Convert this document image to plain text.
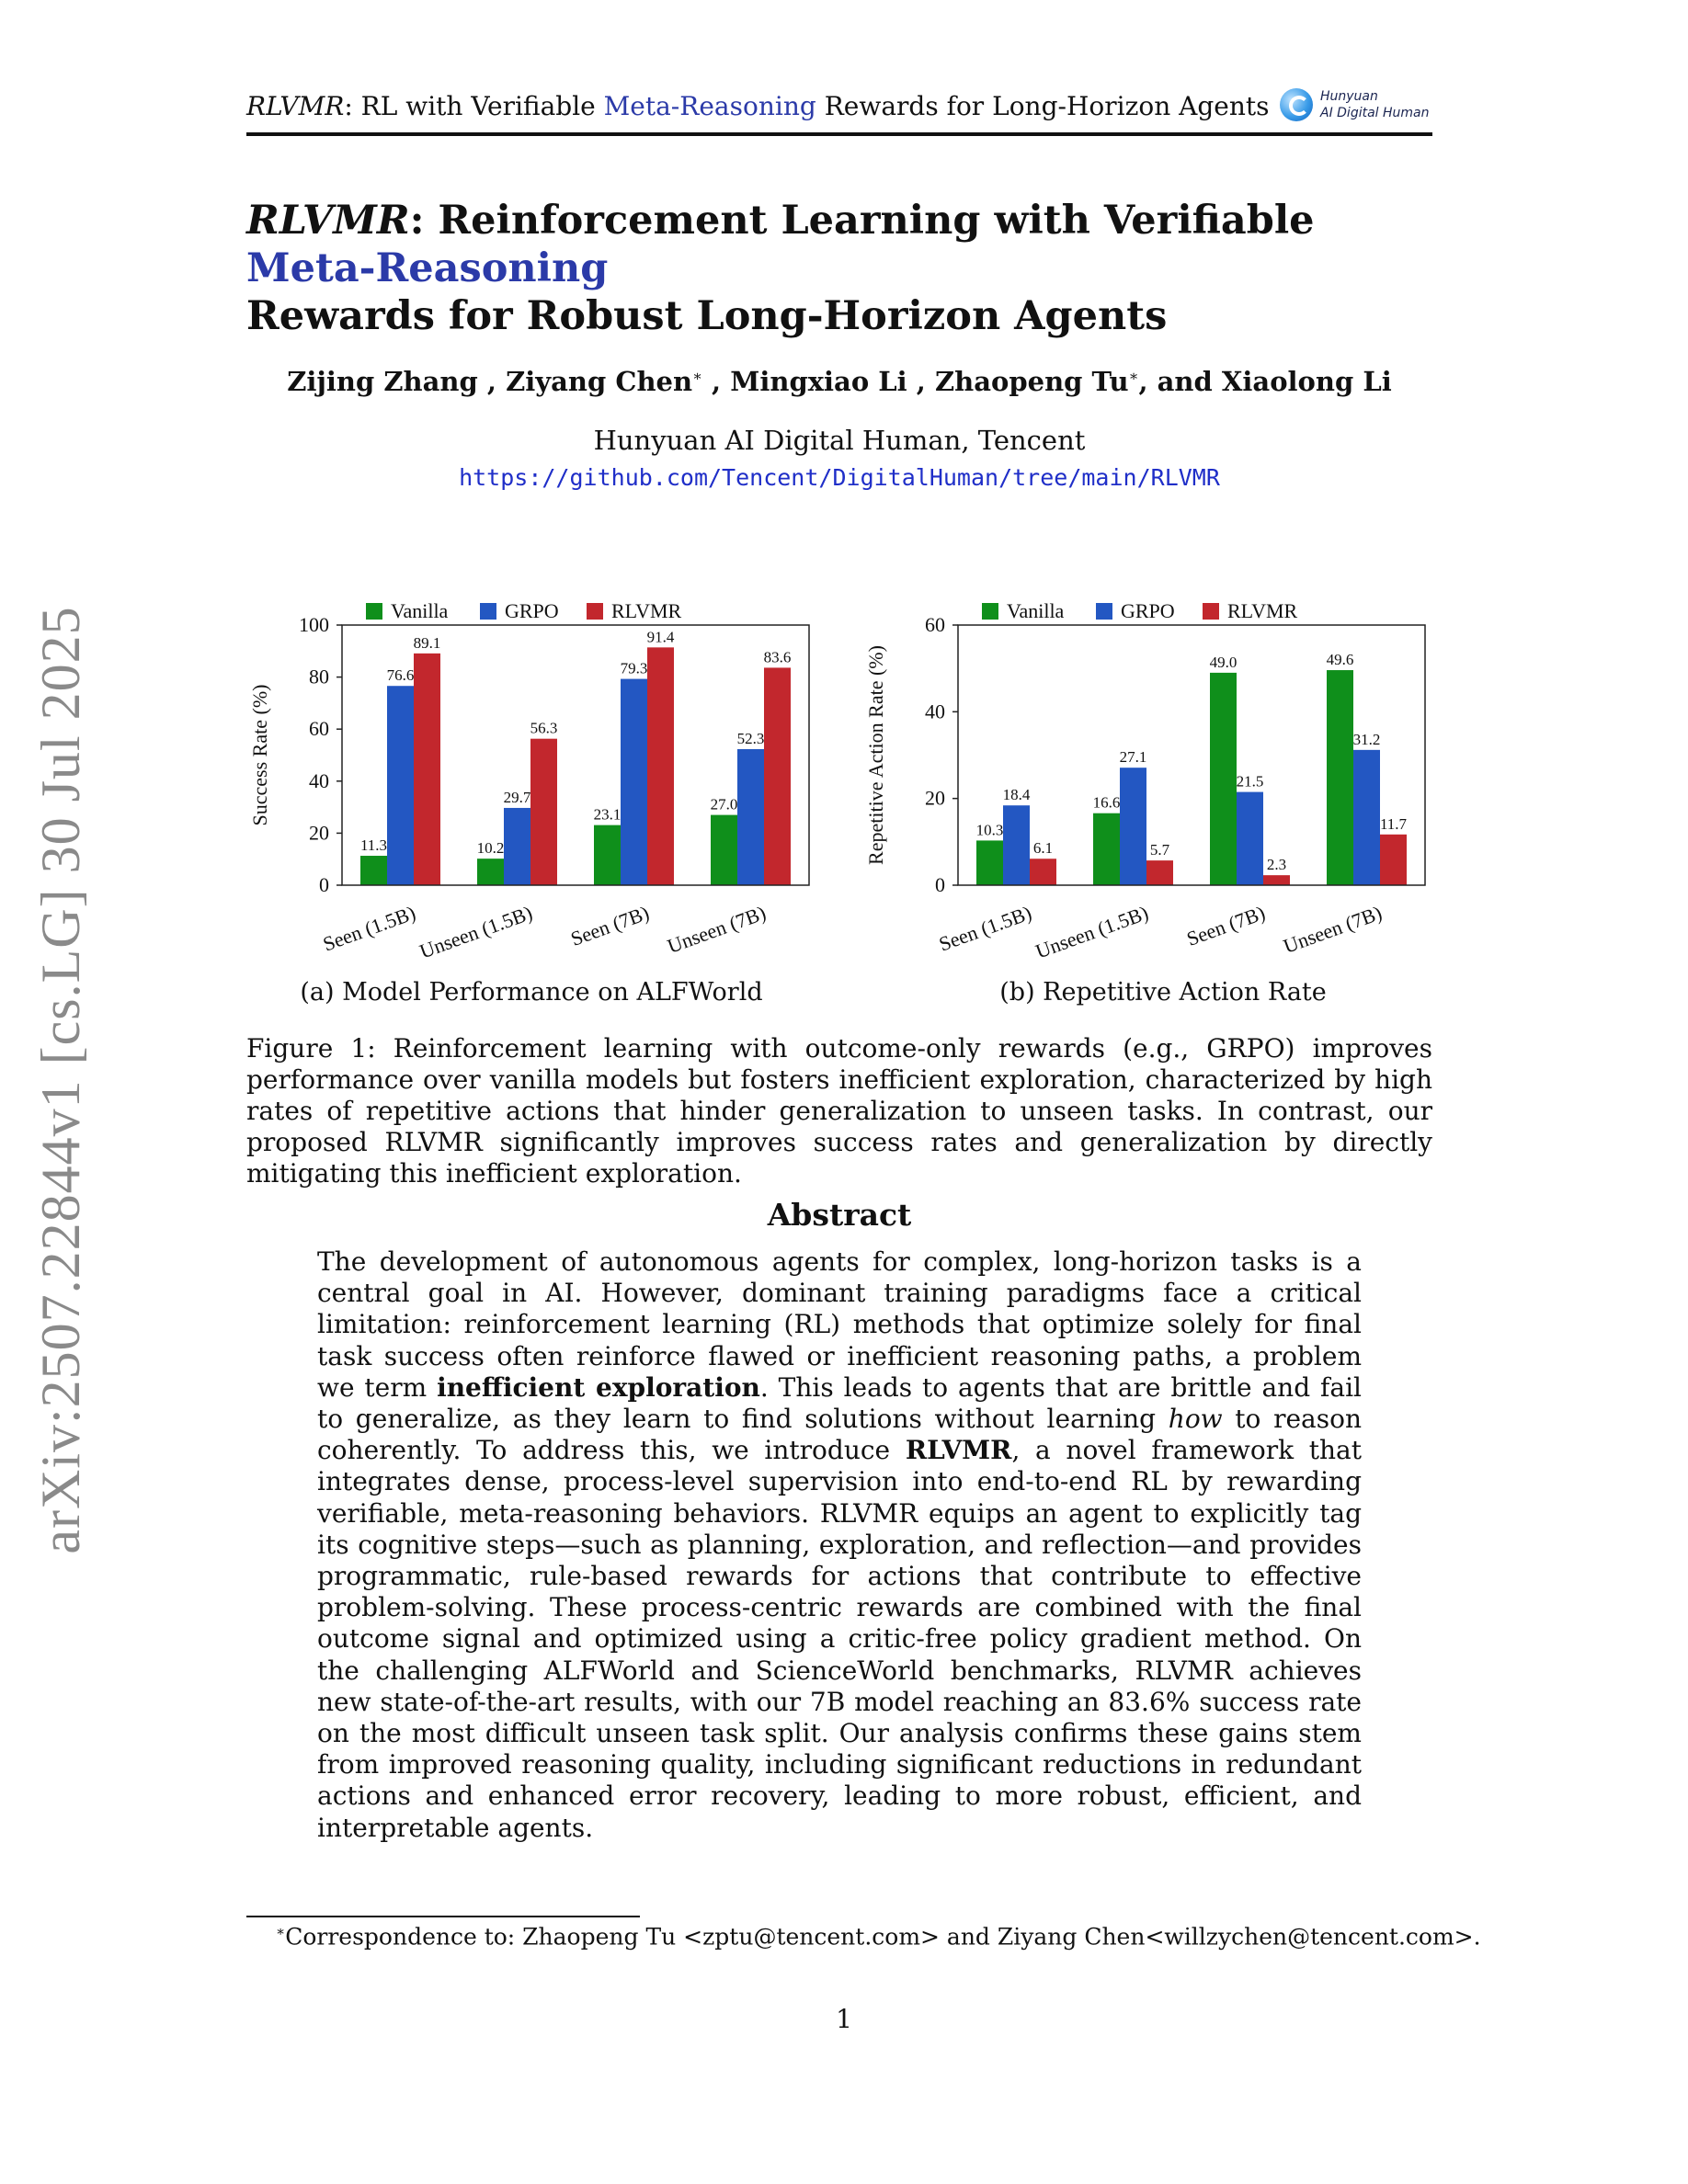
RLVMR: RL with Verifiable Meta-Reasoning Rewards for Long-Horizon Agents	Hunyuan
AI Digital Human
arXiv:2507.22844v1 [cs.LG] 30 Jul 2025
RLVMR: Reinforcement Learning with Verifiable Meta-Reasoning
Rewards for Robust Long-Horizon Agents
Zijing Zhang , Ziyang Chen∗ , Mingxiao Li , Zhaopeng Tu∗, and Xiaolong Li
Hunyuan AI Digital Human, Tencent
https://github.com/Tencent/DigitalHuman/tree/main/RLVMR
Vanilla	GRPO	RLVMR
11.3
76.6
89.1
Seen (1.5B)
10.2
29.7
56.3
Unseen (1.5B)
23.1
79.3
91.4
Seen (7B)
27.0
52.3
83.6
Unseen (7B)
0
20
40
60
80
100
Success Rate (%)
Vanilla	GRPO	RLVMR
10.3
18.4
6.1
Seen (1.5B)
16.6
27.1
5.7
Unseen (1.5B)
49.0
21.5
2.3
Seen (7B)
49.6
31.2
11.7
Unseen (7B)
0
20
40
60
Repetitive Action Rate (%)
(a) Model Performance on ALFWorld	(b) Repetitive Action Rate
Figure 1: Reinforcement learning with outcome-only rewards (e.g., GRPO) improves performance over vanilla models but fosters inefficient exploration, characterized by high rates of repetitive actions that hinder generalization to unseen tasks. In contrast, our proposed RLVMR significantly improves success rates and generalization by directly mitigating this inefficient exploration.
Abstract
The development of autonomous agents for complex, long-horizon tasks is a central goal in AI. However, dominant training paradigms face a critical limitation: reinforcement learning (RL) methods that optimize solely for final task success often reinforce flawed or inefficient reasoning paths, a problem we term inefficient exploration. This leads to agents that are brittle and fail to generalize, as they learn to find solutions without learning how to reason coherently. To address this, we introduce RLVMR, a novel framework that integrates dense, process-level supervision into end-to-end RL by rewarding verifiable, meta-reasoning behaviors. RLVMR equips an agent to explicitly tag its cognitive steps—such as planning, exploration, and reflection—and provides programmatic, rule-based rewards for actions that contribute to effective problem-solving. These process-centric rewards are combined with the final outcome signal and optimized using a critic-free policy gradient method. On the challenging ALFWorld and ScienceWorld benchmarks, RLVMR achieves new state-of-the-art results, with our 7B model reaching an 83.6% success rate on the most difficult unseen task split. Our analysis confirms these gains stem from improved reasoning quality, including significant reductions in redundant actions and enhanced error recovery, leading to more robust, efficient, and interpretable agents.
∗Correspondence to: Zhaopeng Tu <zptu@tencent.com> and Ziyang Chen<willzychen@tencent.com>.
1
